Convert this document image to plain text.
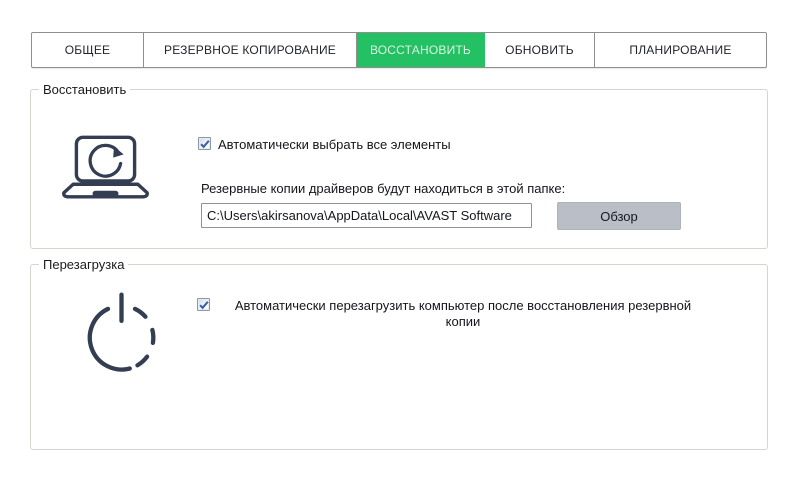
ОБЩЕЕ	РЕЗЕРВНОЕ КОПИРОВАНИЕ	ВОССТАНОВИТЬ	ОБНОВИТЬ	ПЛАНИРОВАНИЕ
Восстановить
Автоматически выбрать все элементы
Резервные копии драйверов будут находиться в этой папке:
C:\Users\akirsanova\AppData\Local\AVAST Software
Обзор
Перезагрузка
Автоматически перезагрузить компьютер после восстановления резервной копии
